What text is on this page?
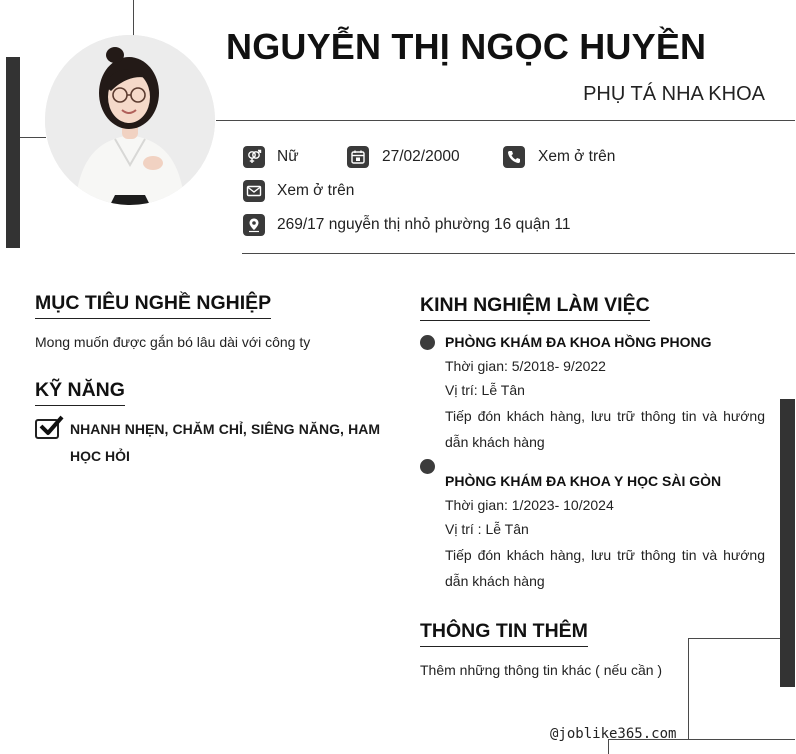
NGUYỄN THỊ NGỌC HUYỀN
PHỤ TÁ NHA KHOA
Nữ	27/02/2000	Xem ở trên
Xem ở trên
269/17 nguyễn thị nhỏ phường 16 quận 11
MỤC TIÊU NGHỀ NGHIỆP
Mong muốn được gắn bó lâu dài với công ty
KỸ NĂNG
NHANH NHẸN, CHĂM CHỈ, SIÊNG NĂNG, HAM HỌC HỎI
KINH NGHIỆM LÀM VIỆC
PHÒNG KHÁM ĐA KHOA HỒNG PHONG
Thời gian: 5/2018- 9/2022
Vị trí: Lễ Tân
Tiếp đón khách hàng, lưu trữ thông tin và hướng dẫn khách hàng
PHÒNG KHÁM ĐA KHOA Y HỌC SÀI GÒN
Thời gian: 1/2023- 10/2024
Vị trí : Lễ Tân
Tiếp đón khách hàng, lưu trữ thông tin và hướng dẫn khách hàng
THÔNG TIN THÊM
Thêm những thông tin khác ( nếu cần )
@joblike365.com
